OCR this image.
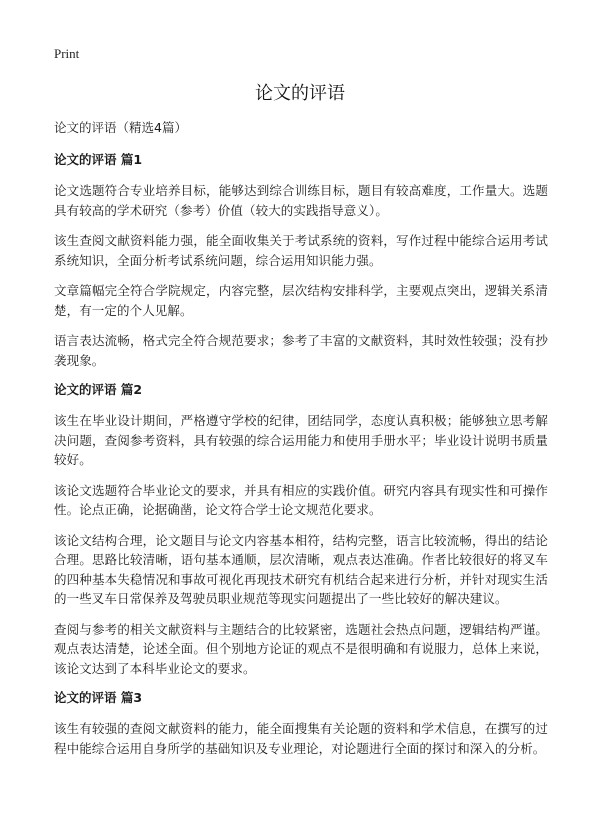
Print
论文的评语

论文的评语（精选4篇）

论文的评语 篇1

论文选题符合专业培养目标，能够达到综合训练目标，题目有较高难度，工作量大。选题具有较高的学术研究（参考）价值（较大的实践指导意义）。

该生查阅文献资料能力强，能全面收集关于考试系统的资料，写作过程中能综合运用考试系统知识，全面分析考试系统问题，综合运用知识能力强。

文章篇幅完全符合学院规定，内容完整，层次结构安排科学，主要观点突出，逻辑关系清楚，有一定的个人见解。

语言表达流畅，格式完全符合规范要求；参考了丰富的文献资料，其时效性较强；没有抄袭现象。

论文的评语 篇2

该生在毕业设计期间，严格遵守学校的纪律，团结同学，态度认真积极；能够独立思考解决问题，查阅参考资料，具有较强的综合运用能力和使用手册水平；毕业设计说明书质量较好。

该论文选题符合毕业论文的要求，并具有相应的实践价值。研究内容具有现实性和可操作性。论点正确，论据确凿，论文符合学士论文规范化要求。

该论文结构合理，论文题目与论文内容基本相符，结构完整，语言比较流畅，得出的结论合理。思路比较清晰，语句基本通顺，层次清晰，观点表达准确。作者比较很好的将叉车的四种基本失稳情况和事故可视化再现技术研究有机结合起来进行分析，并针对现实生活的一些叉车日常保养及驾驶员职业规范等现实问题提出了一些比较好的解决建议。

查阅与参考的相关文献资料与主题结合的比较紧密，选题社会热点问题，逻辑结构严谨。观点表达清楚，论述全面。但个别地方论证的观点不是很明确和有说服力，总体上来说，该论文达到了本科毕业论文的要求。

论文的评语 篇3

该生有较强的查阅文献资料的能力，能全面搜集有关论题的资料和学术信息，在撰写的过程中能综合运用自身所学的基础知识及专业理论，对论题进行全面的探讨和深入的分析。
